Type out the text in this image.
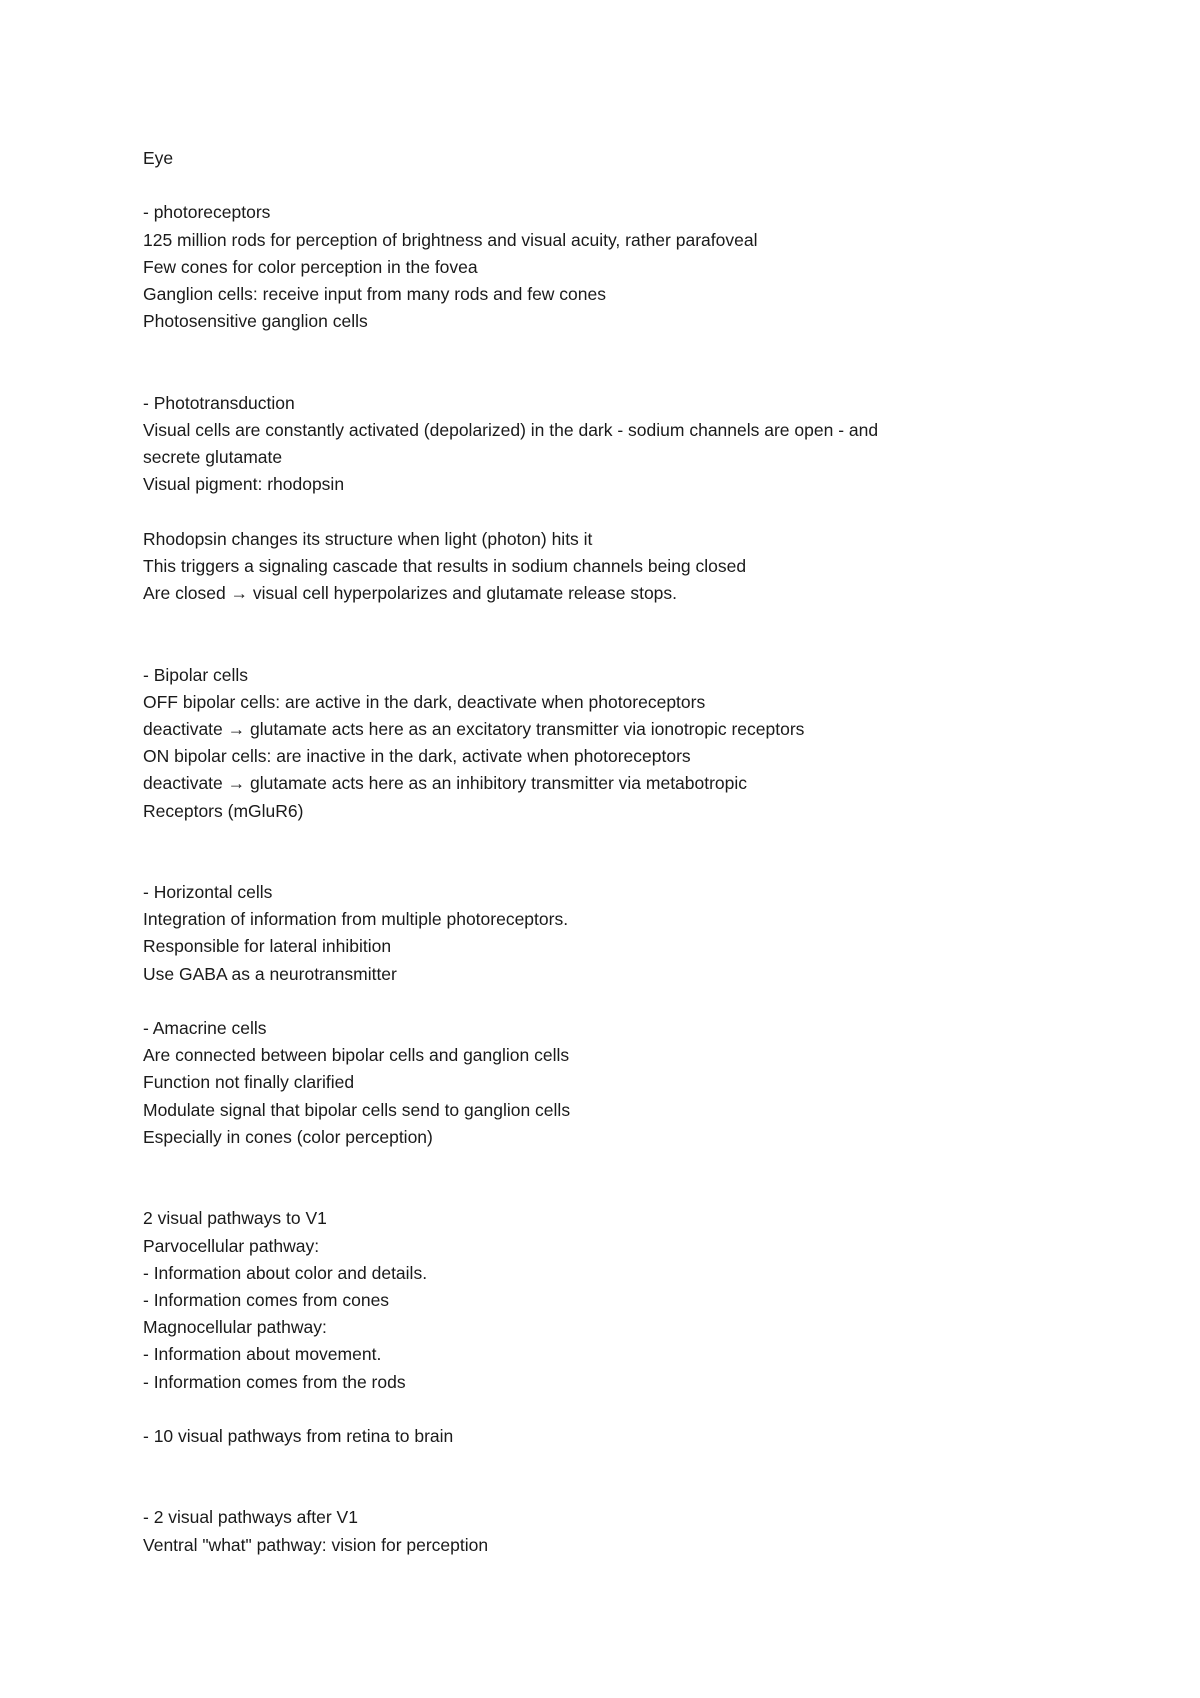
Eye
- photoreceptors
125 million rods for perception of brightness and visual acuity, rather parafoveal
Few cones for color perception in the fovea
Ganglion cells: receive input from many rods and few cones
Photosensitive ganglion cells
- Phototransduction
Visual cells are constantly activated (depolarized) in the dark - sodium channels are open - and
secrete glutamate
Visual pigment: rhodopsin
Rhodopsin changes its structure when light (photon) hits it
This triggers a signaling cascade that results in sodium channels being closed
Are closed → visual cell hyperpolarizes and glutamate release stops.
- Bipolar cells
OFF bipolar cells: are active in the dark, deactivate when photoreceptors
deactivate → glutamate acts here as an excitatory transmitter via ionotropic receptors
ON bipolar cells: are inactive in the dark, activate when photoreceptors
deactivate → glutamate acts here as an inhibitory transmitter via metabotropic
Receptors (mGluR6)
- Horizontal cells
Integration of information from multiple photoreceptors.
Responsible for lateral inhibition
Use GABA as a neurotransmitter
- Amacrine cells
Are connected between bipolar cells and ganglion cells
Function not finally clarified
Modulate signal that bipolar cells send to ganglion cells
Especially in cones (color perception)
2 visual pathways to V1
Parvocellular pathway:
- Information about color and details.
- Information comes from cones
Magnocellular pathway:
- Information about movement.
- Information comes from the rods
- 10 visual pathways from retina to brain
- 2 visual pathways after V1
Ventral "what" pathway: vision for perception
